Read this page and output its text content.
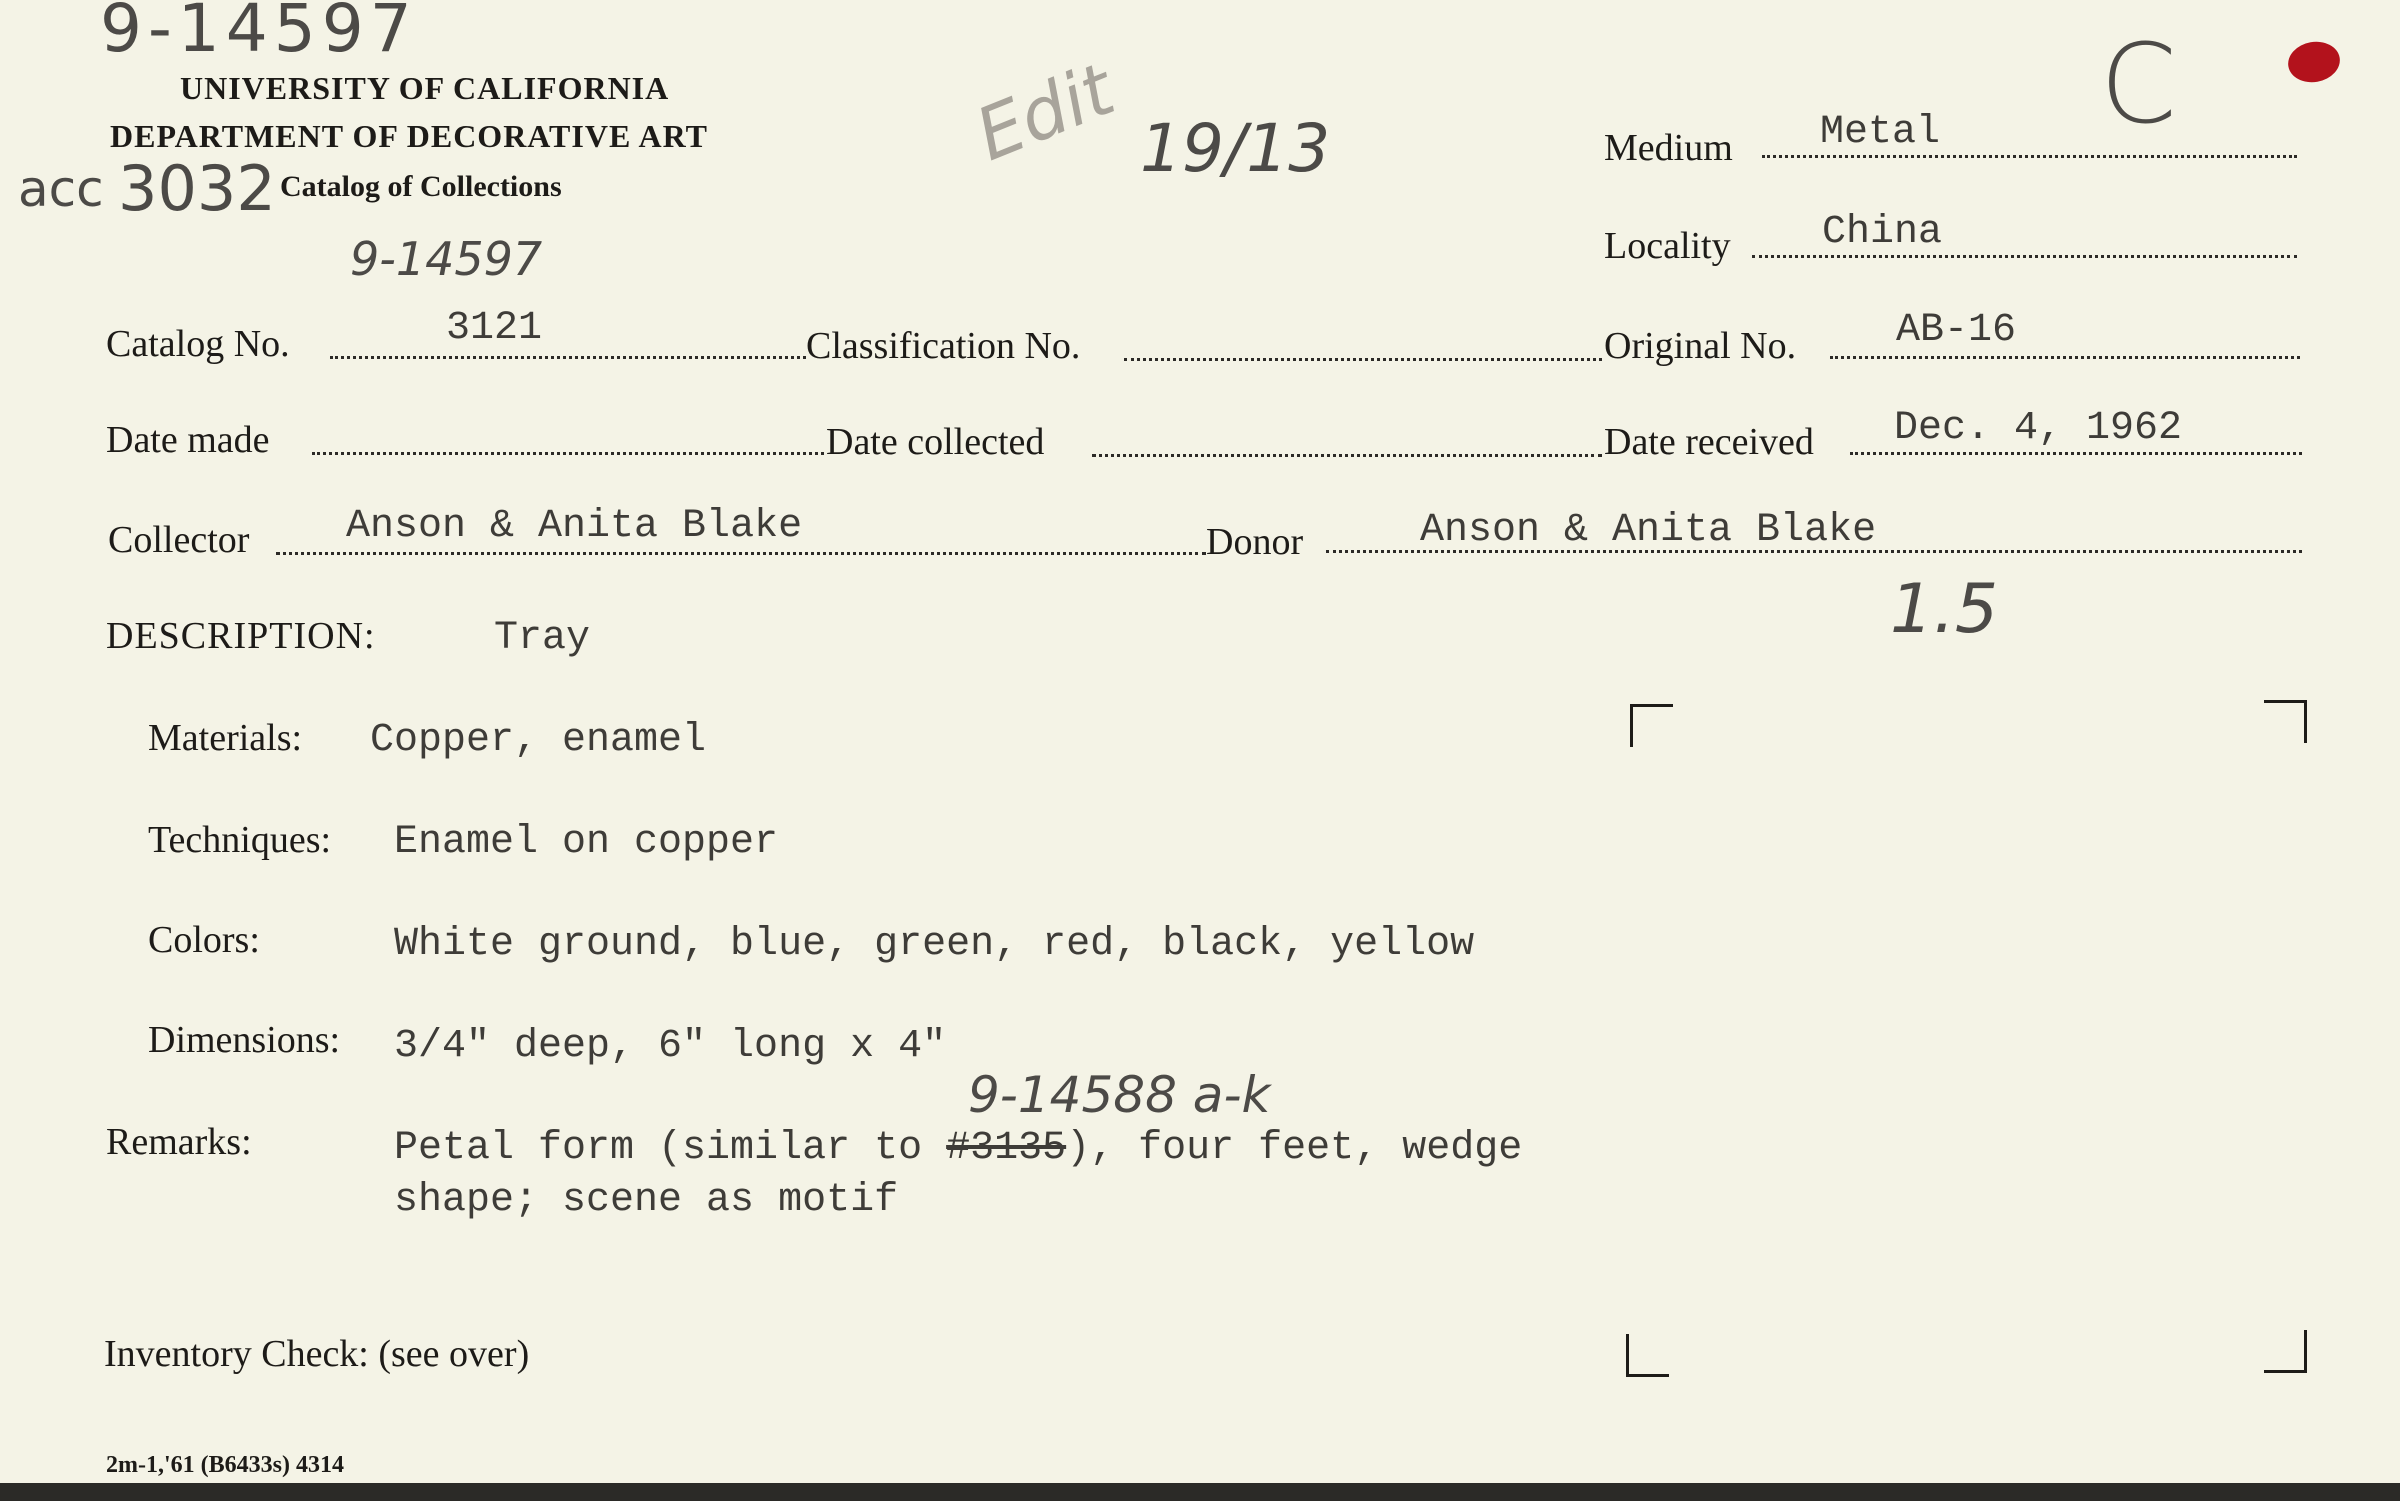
9-14597
UNIVERSITY OF CALIFORNIA
DEPARTMENT OF DECORATIVE ART
acc 3032 Catalog of Collections
9-14597
Edit 19/13
C
Medium Metal
Locality China
Catalog No.	3121	Classification No.	Original No. AB-16
Date made	Date collected	Date received Dec. 4, 1962
Collector Anson & Anita Blake	Donor	Anson & Anita Blake
DESCRIPTION:	Tray	1.5
Materials: Copper, enamel
Techniques: Enamel on copper
Colors:	White ground, blue, green, red, black, yellow
Dimensions: 3/4" deep, 6" long x 4"
9-14588 a-k
Remarks:	Petal form (similar to #3135), four feet, wedge
shape; scene as motif
Inventory Check: (see over)
2m-1,'61 (B6433s) 4314
